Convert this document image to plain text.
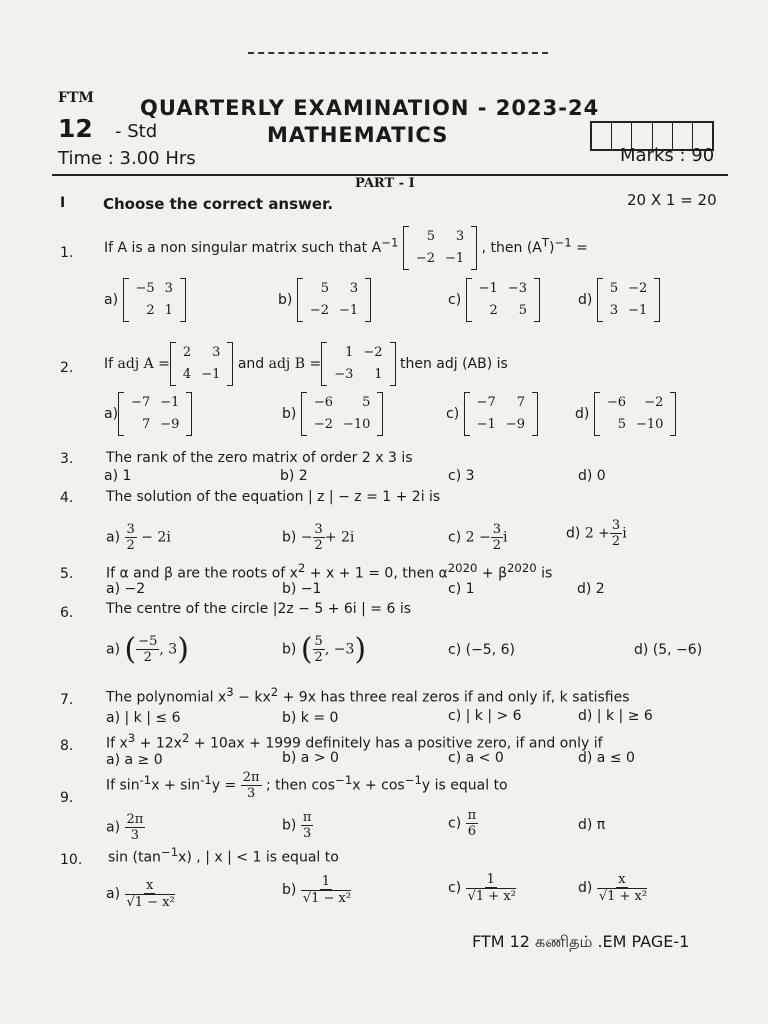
FTM QUARTERLY EXAMINATION - 2023-24
12 - Std	MATHEMATICS
Time : 3.00 Hrs	Marks : 90
PART - I
I	Choose the correct answer.	20 X 1 = 20
1. If A is a non singular matrix such that $A^{-1}$ 5	3
−2	−1
, then $(A^T)^{-1}$ =
a)
−5	3
2	1
b)
5	3
−2	−1
c)
−1	−3
2	5
d)
5	−2
3	−1
2. If adj A =
2	3
4	−1
and adj B =
1	−2
−3	1
then adj (AB) is
a)
−7	−1
7	−9
b)
−6	5
−2	−10
c)
−7	7
−1	−9
d)
−6	−2
5	−10
3. The rank of the zero matrix of order 2 x 3 is
a) 1	b) 2	c) 3	d) 0
4. The solution of the equation | z | − z = 1 + 2i is
$a) \frac{3}{2} - 2i$	$b) - \frac{3}{2} + 2i$	c) $2 - \frac{3}{2}$ i	d) $2 + \frac{3}{2}$ i
5. If α and β are the roots of $x^2 + x + 1 = 0$, then $\alpha^{2020} + \beta^{2020}$ is
a) −2	b) −1	c) 1	d) 2
6. The centre of the circle |2z − 5 + 6i | = 6 is
a) ( $\frac{-5}{2}$ , 3)	b) ( $\frac{5}{2}$ , −3)	c) (−5, 6)	d) (5, −6)
7. The polynomial $x^3 - kx^2 + 9x$ has three real zeros if and only if, k satisfies
a) | k | ≤ 6	b) k = 0	c) | k | > 6	d) | k | ≥ 6
8. If $x^3 + 12x^2 + 10ax + 1999$ definitely has a positive zero, if and only if
a) a ≥ 0	b) a > 0	c) a < 0	d) a ≤ 0
9.
If $\sin^{-1}x + \sin^{-1}y = \frac{2\pi}{3}$ ; then $\cos^{-1}x + \cos^{-1}y$ is equal to
$a) \frac{2\pi}{3}$	$b) \frac{\pi}{3}$	$c) \frac{\pi}{6}$	d) π
10. $\sin (\tan^{-1}x)$ , | x | < 1 is equal to
$a) \frac{x}{\text{√1 − x²}}$	$b) \frac{1}{\text{√1 − x²}}$	$c) \frac{1}{\text{√1 + x²}}$	$d) \frac{x}{\text{√1 + x²}}$
FTM 12 கணிதம் .EM PAGE-1
